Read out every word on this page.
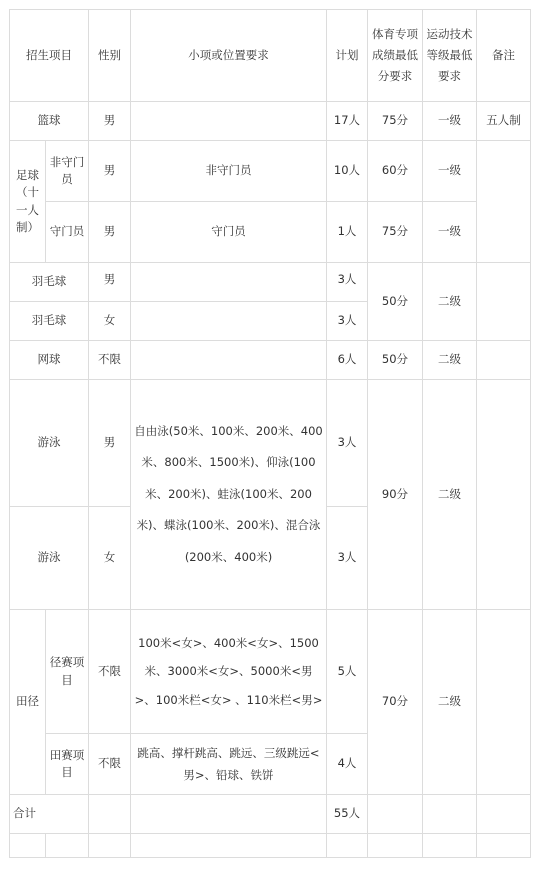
招生项目		性别	小项或位置要求	计划	体育专项成绩最低分要求	运动技术等级最低要求	备注
篮球		男		17人	75分	一级	五人制
足球（十一人制）	非守门员	男	非守门员	10人	60分	一级	
	守门员	男	守门员	1人	75分	一级	
羽毛球		男		3人	50分	二级	
羽毛球		女		3人			
网球		不限		6人	50分	二级	
游泳		男	自由泳(50米、100米、200米、400米、800米、1500米)、仰泳(100米、200米)、蛙泳(100米、200米)、蝶泳(100米、200米)、混合泳(200米、400米)	3人	90分	二级	
游泳		女		3人			
田径	径赛项目	不限	100米<女>、400米<女>、1500米、3000米<女>、5000米<男>、100米栏<女> 、110米栏<男>	5人	70分	二级	
	田赛项目	不限	跳高、撑杆跳高、跳远、三级跳远<男>、铅球、铁饼	4人			
合计				55人			
